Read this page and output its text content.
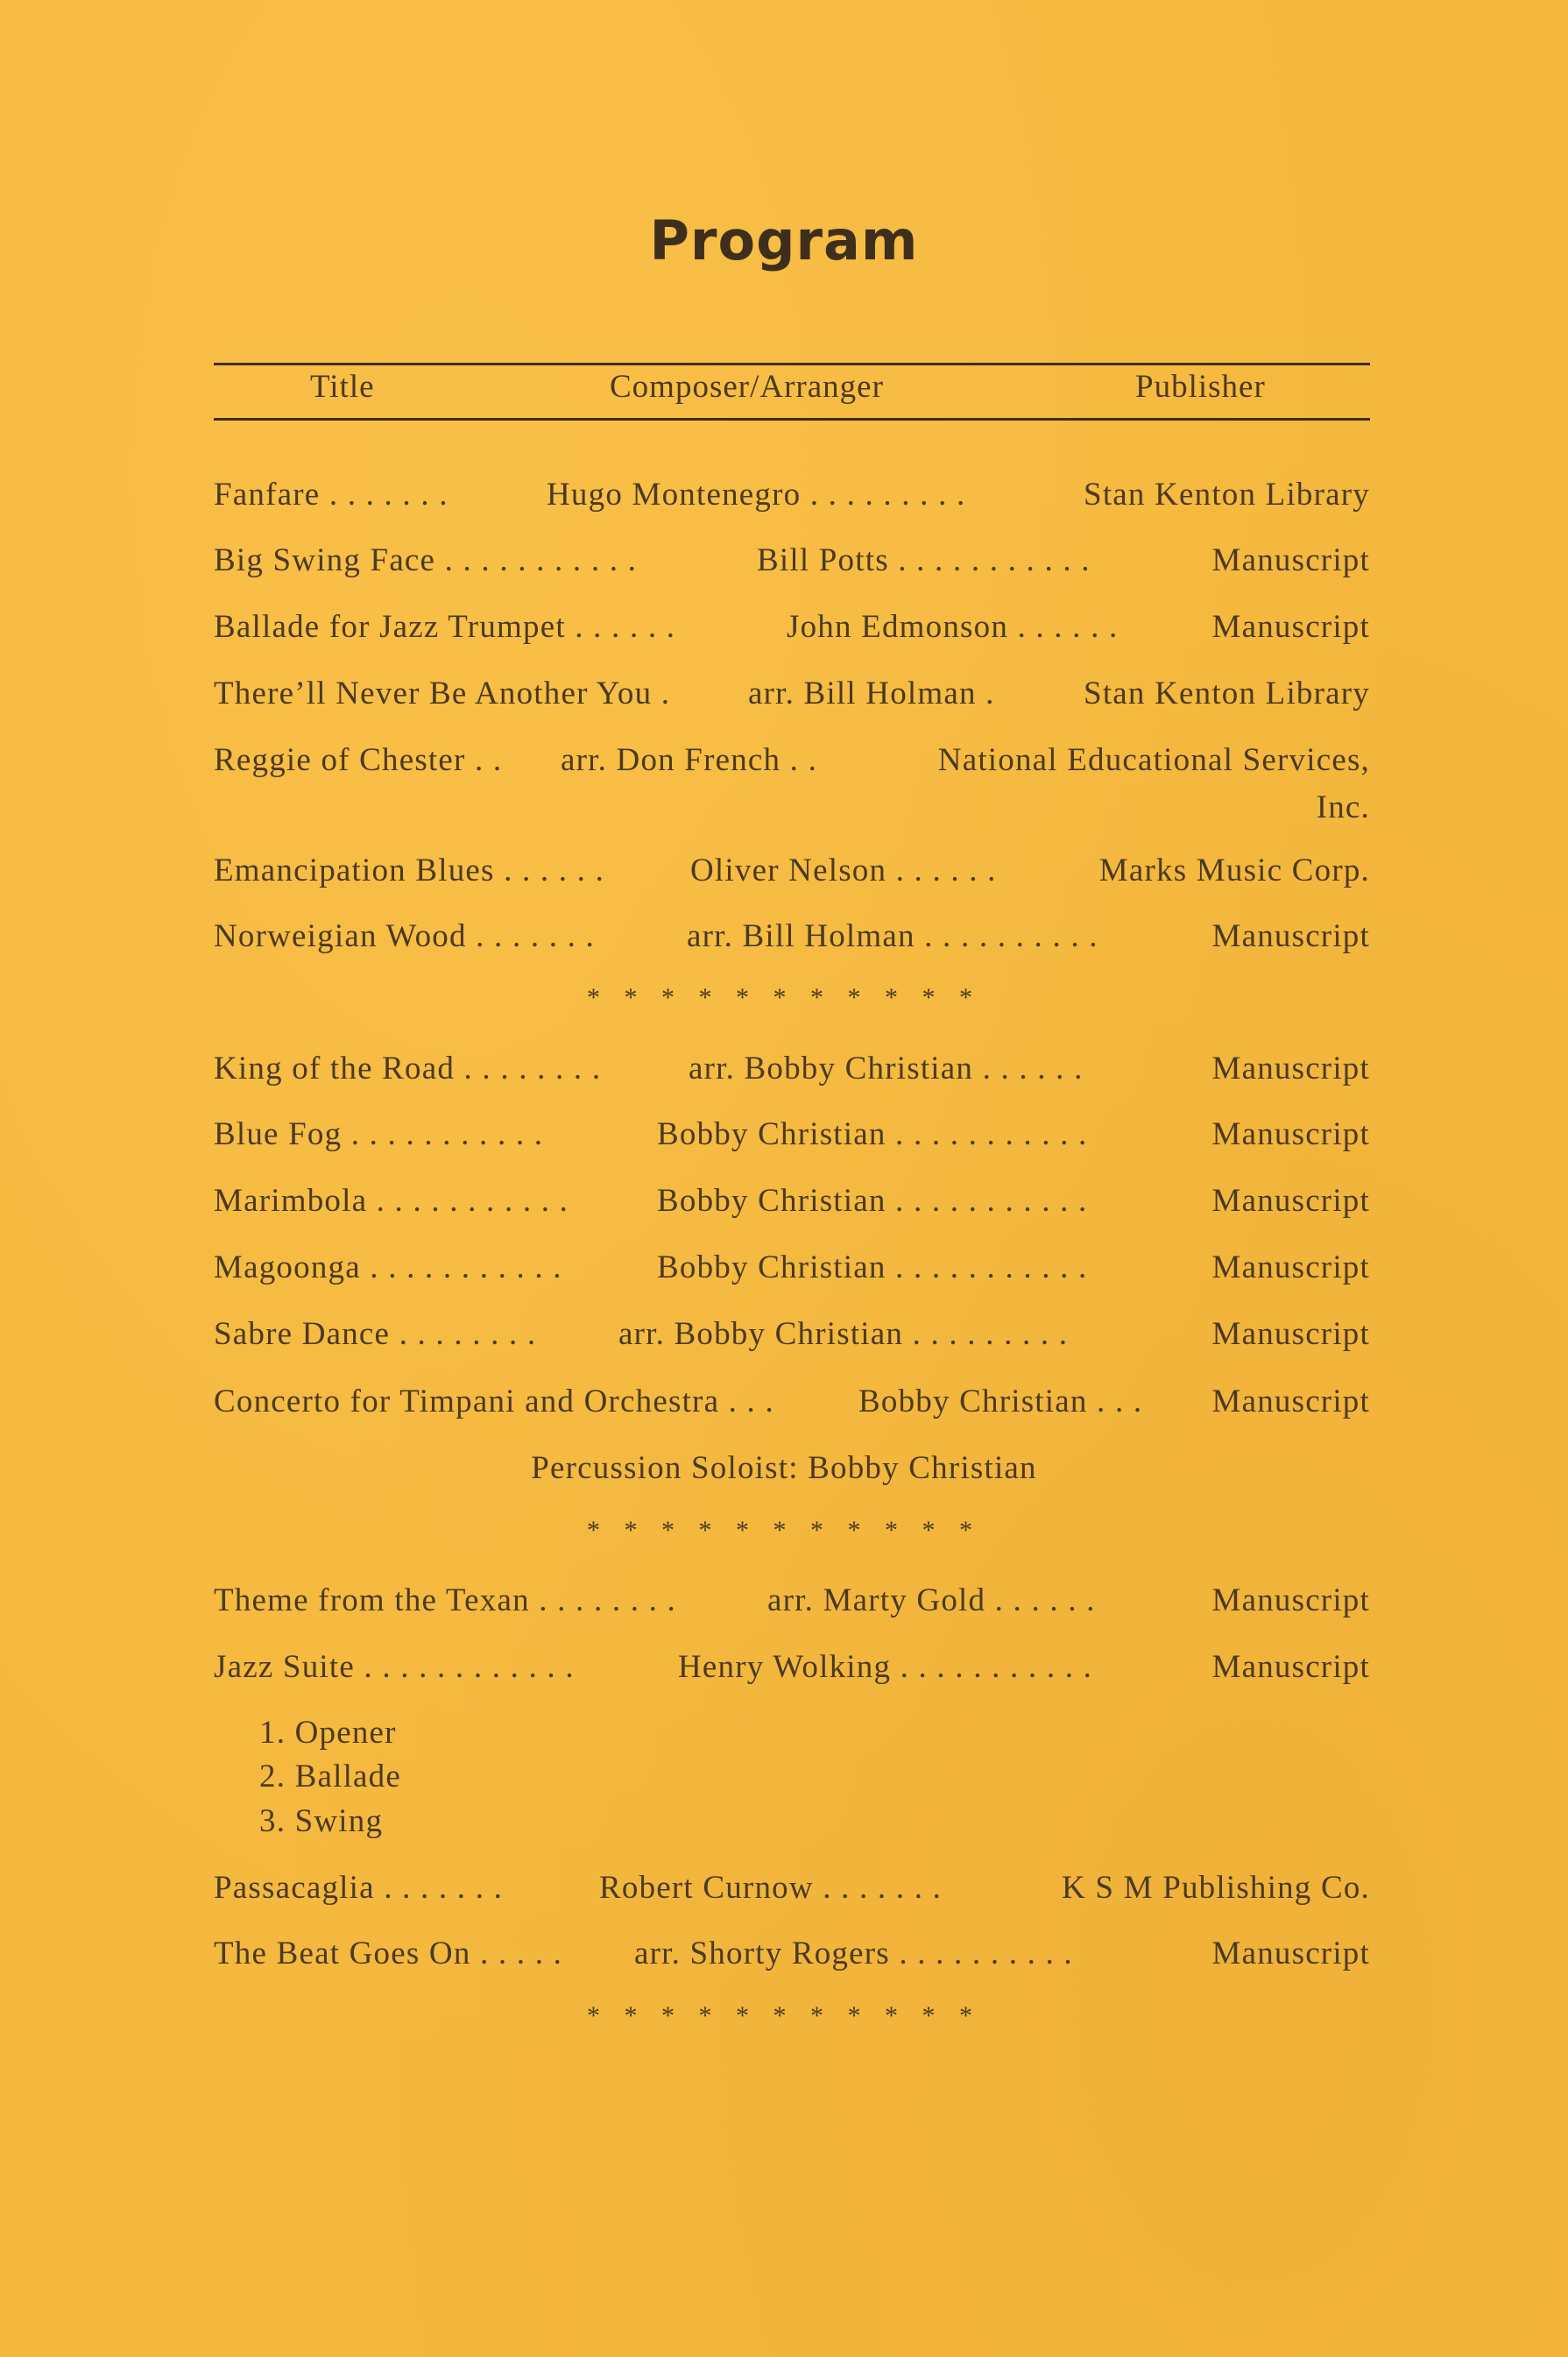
Program
Title	Composer/Arranger	Publisher
Fanfare . . . . . . .	Hugo Montenegro . . . . . . . . .	Stan Kenton Library
Big Swing Face . . . . . . . . . . .	Bill Potts . . . . . . . . . . .	Manuscript
Ballade for Jazz Trumpet . . . . . .	John Edmonson . . . . . .	Manuscript
There’ll Never Be Another You . arr. Bill Holman .	Stan Kenton Library
Reggie of Chester . . arr. Don French . .	National Educational Services,
Inc.
Emancipation Blues . . . . . .	Oliver Nelson . . . . . .	Marks Music Corp.
Norweigian Wood . . . . . . .	arr. Bill Holman . . . . . . . . . .	Manuscript
* * * * * * * * * * *
King of the Road . . . . . . . .	arr. Bobby Christian . . . . . .	Manuscript
Blue Fog . . . . . . . . . . .	Bobby Christian . . . . . . . . . . .	Manuscript
Marimbola . . . . . . . . . . .	Bobby Christian . . . . . . . . . . .	Manuscript
Magoonga . . . . . . . . . . .	Bobby Christian . . . . . . . . . . .	Manuscript
Sabre Dance . . . . . . . .	arr. Bobby Christian . . . . . . . . .	Manuscript
Concerto for Timpani and Orchestra . . .	Bobby Christian . . . Manuscript
Percussion Soloist: Bobby Christian
* * * * * * * * * * *
Theme from the Texan . . . . . . . .	arr. Marty Gold . . . . . .	Manuscript
Jazz Suite . . . . . . . . . . . .	Henry Wolking . . . . . . . . . . .	Manuscript
1. Opener
2. Ballade
3. Swing
Passacaglia . . . . . . .	Robert Curnow . . . . . . .	K S M Publishing Co.
The Beat Goes On . . . . . arr. Shorty Rogers . . . . . . . . . .	Manuscript
* * * * * * * * * * *
